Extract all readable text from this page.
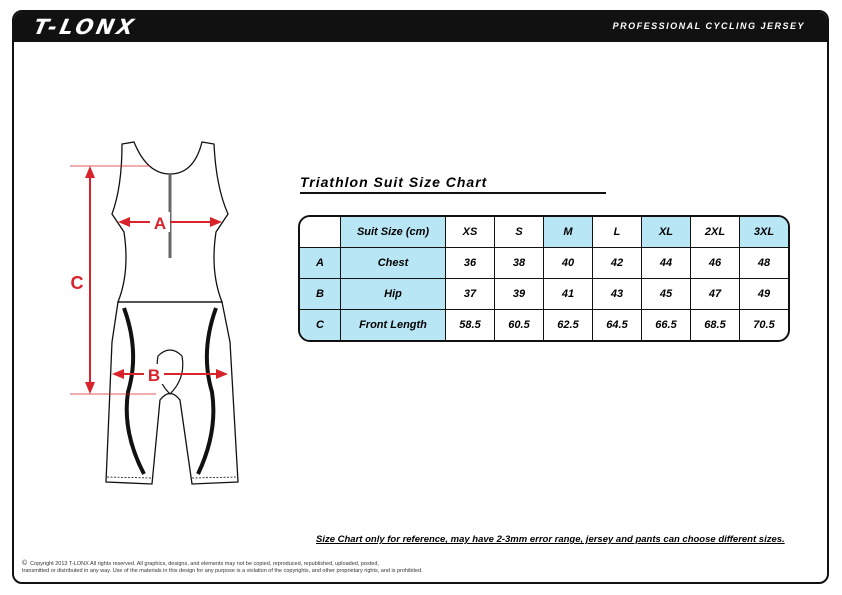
T-LONX	PROFESSIONAL CYCLING JERSEY
C
A
B
Triathlon Suit Size Chart
	Suit Size (cm)	XS	S	M	L	XL	2XL	3XL
A	Chest	36	38	40	42	44	46	48
B	Hip	37	39	41	43	45	47	49
C	Front Length	58.5	60.5	62.5	64.5	66.5	68.5	70.5
Size Chart only for reference, may have 2-3mm error range, jersey and pants can choose different sizes.
© Copyright 2013 T-LONX All rights reserved. All graphics, designs, and elements may not be copied, reproduced, republished, uploaded, posted,
transmitted or distributed in any way. Use of the materials in this design for any purpose is a violation of the copyrights, and other proprietary rights, and is prohibited.
